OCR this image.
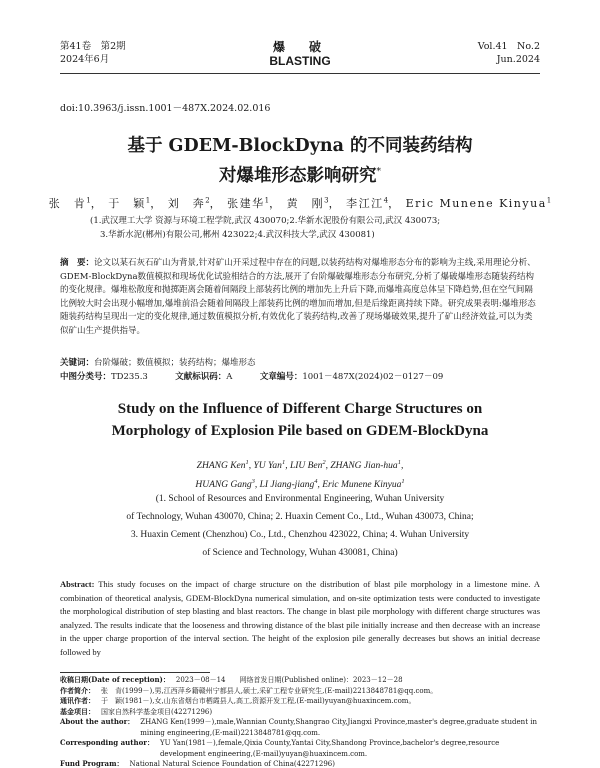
第41卷　第2期
2024年6月
爆　破
BLASTING
Vol.41　No.2
Jun.2024
doi:10.3963/j.issn.1001－487X.2024.02.016
基于 GDEM-BlockDyna 的不同装药结构
对爆堆形态影响研究*
张　肯$^1$， 于　颖$^1$， 刘　奔$^2$， 张建华$^1$， 黄　刚$^3$， 李江江$^4$， Eric Munene Kinyua$^1$
(1.武汉理工大学 资源与环境工程学院,武汉 430070;2.华新水泥股份有限公司,武汉 430073;
3.华新水泥(郴州)有限公司,郴州 423022;4.武汉科技大学,武汉 430081)
摘　要：论文以某石灰石矿山为背景,针对矿山开采过程中存在的问题,以装药结构对爆堆形态分布的影响为主线,采用理论分析、GDEM-BlockDyna数值模拟和现场优化试验相结合的方法,展开了台阶爆破爆堆形态分布研究,分析了爆破爆堆形态随装药结构的变化规律。爆堆松散度和抛掷距离会随着间隔段上部装药比例的增加先上升后下降,而爆堆高度总体呈下降趋势,但在空气间隔比例较大时会出现小幅增加,爆堆前沿会随着间隔段上部装药比例的增加而增加,但是后缘距离持续下降。研究成果表明:爆堆形态随装药结构呈现出一定的变化规律,通过数值模拟分析,有效优化了装药结构,改善了现场爆破效果,提升了矿山经济效益,可以为类似矿山生产提供指导。
关键词：台阶爆破；数值模拟；装药结构；爆堆形态
中图分类号：TD235.3	文献标识码：A	文章编号：1001－487X(2024)02－0127－09
Study on the Influence of Different Charge Structures on
Morphology of Explosion Pile based on GDEM-BlockDyna
ZHANG Ken$^1$, YU Yan$^1$, LIU Ben$^2$, ZHANG Jian-hua$^1$,
HUANG Gang$^3$, LI Jiang-jiang$^4$, Eric Munene Kinyua$^1$
(1. School of Resources and Environmental Engineering, Wuhan University
of Technology, Wuhan 430070, China; 2. Huaxin Cement Co., Ltd., Wuhan 430073, China;
3. Huaxin Cement (Chenzhou) Co., Ltd., Chenzhou 423022, China; 4. Wuhan University
of Science and Technology, Wuhan 430081, China)
Abstract: This study focuses on the impact of charge structure on the distribution of blast pile morphology in a limestone mine. A combination of theoretical analysis, GDEM-BlockDyna numerical simulation, and on-site optimization tests were conducted to investigate the morphological distribution of step blasting and blast reactors. The change in blast pile morphology with different charge structures was analyzed. The results indicate that the looseness and throwing distance of the blast pile initially increase and then decrease with an increase in the upper charge proportion of the interval section. The height of the explosion pile generally decreases but shows an initial decrease followed by
收稿日期(Date of reception)： 2023－08－14　　网络首发日期(Published online)：2023－12－28
作者简介： 张　肯(1999－),男,江西萍乡籍赣州宁都县人,硕士,采矿工程专业研究生,(E-mail)2213848781@qq.com。
通讯作者： 于　颖(1981－),女,山东省烟台市栖霞县人,高工,资源开发工程,(E-mail)yuyan@huaxincem.com。
基金项目： 国家自然科学基金项目(42271296)
About the author： ZHANG Ken(1999－),male,Wannian County,Shangrao City,Jiangxi Province,master's degree,graduate student in mining engineering,(E-mail)2213848781@qq.com.
Corresponding author： YU Yan(1981－),female,Qixia County,Yantai City,Shandong Province,bachelor's degree,resource development engineering,(E-mail)yuyan@huaxincem.com.
Fund Program： National Natural Science Foundation of China(42271296)
